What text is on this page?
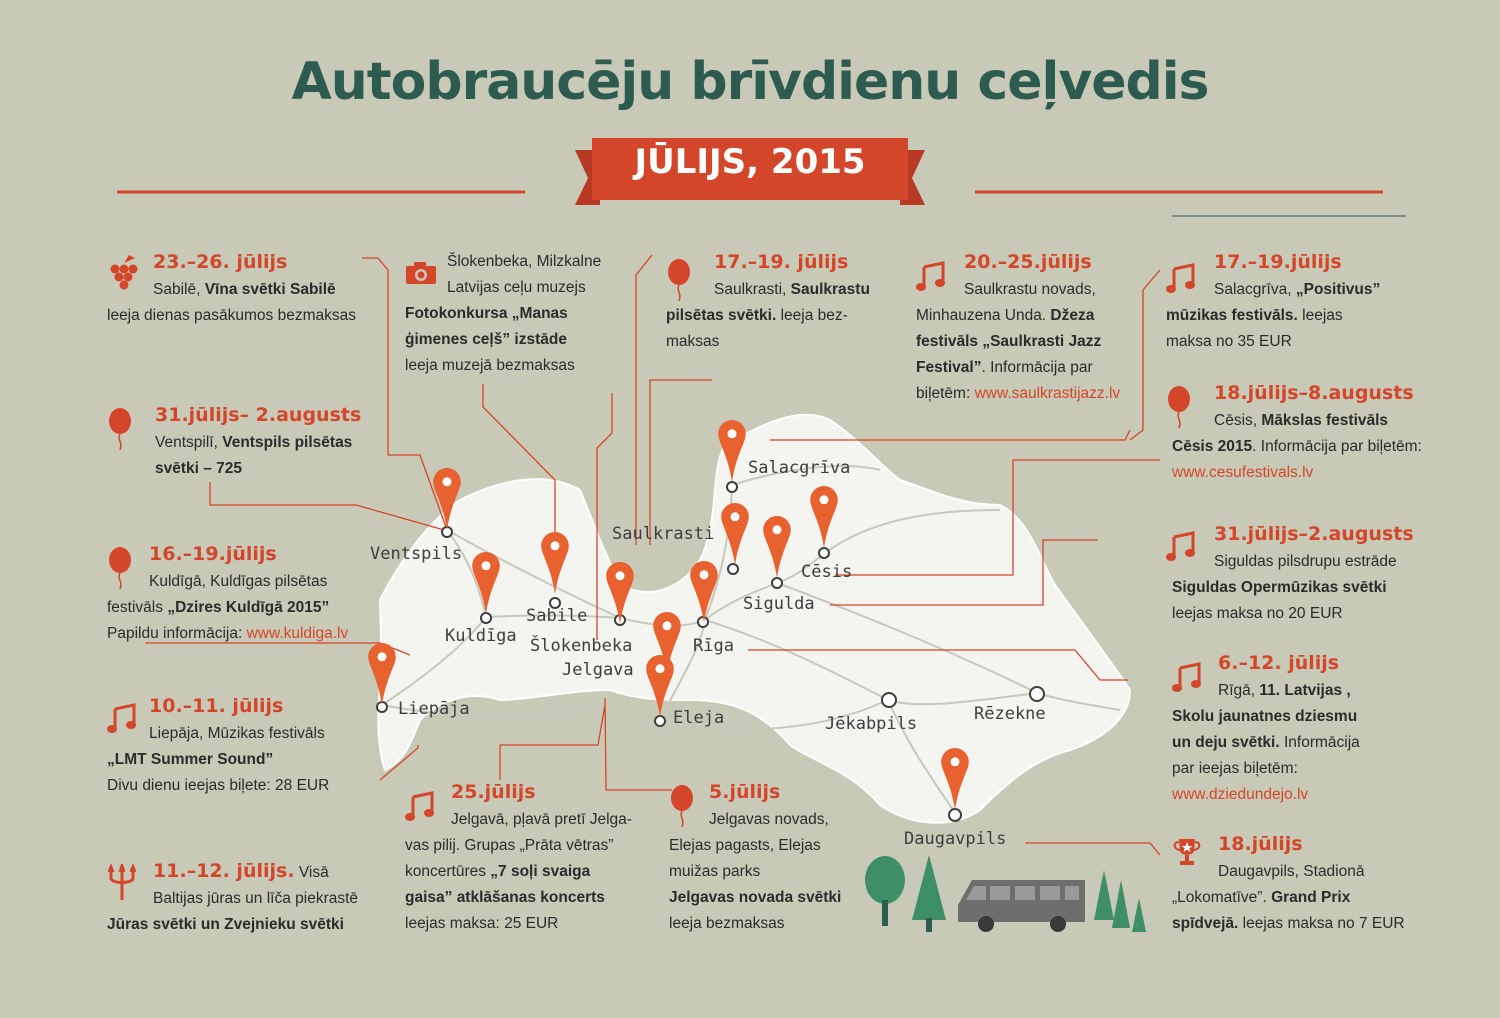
Autobraucēju brīvdienu ceļvedis
JŪLIJS, 2015
Ventspils
Kuldīga
Sabile
Šlokenbeka
Jelgava
Liepāja
Saulkrasti
Salacgrīva
Cēsis
Sigulda
Rīga
Eleja	Jēkabpils	Rēzekne
Daugavpils
23.–26. jūlijs
Sabilē, Vīna svētki Sabilē
leeja dienas pasākumos bezmaksas
Šlokenbeka, Milzkalne
Latvijas ceļu muzejs
Fotokonkursa „Manas
ģimenes ceļš” izstāde
leeja muzejā bezmaksas
17.–19. jūlijs
Saulkrasti, Saulkrastu
pilsētas svētki. leeja bez-
maksas
20.–25.jūlijs
Saulkrastu novads,
Minhauzena Unda. Džeza
festivāls „Saulkrasti Jazz
Festival”. Informācija par
biļetēm: www.saulkrastijazz.lv
17.–19.jūlijs
Salacgrīva, „Positivus”
mūzikas festivāls. leejas
maksa no 35 EUR
31.jūlijs– 2.augusts
Ventspilī, Ventspils pilsētas
svētki – 725
18.jūlijs–8.augusts
Cēsis, Mākslas festivāls
Cēsis 2015. Informācija par biļetēm:
www.cesufestivals.lv
16.–19.jūlijs
Kuldīgā, Kuldīgas pilsētas
festivāls „Dzires Kuldīgā 2015”
Papildu informācija: www.kuldiga.lv
31.jūlijs–2.augusts
Siguldas pilsdrupu estrāde
Siguldas Opermūzikas svētki
leejas maksa no 20 EUR
6.–12. jūlijs
Rīgā, 11. Latvijas ,
Skolu jaunatnes dziesmu
un deju svētki. Informācija
par ieejas biļetēm:
www.dziedundejo.lv
10.–11. jūlijs
Liepāja, Mūzikas festivāls
„LMT Summer Sound”
Divu dienu ieejas biļete: 28 EUR	25.jūlijs
Jelgavā, pļavā pretī Jelga-
vas pilij. Grupas „Prāta vētras”
koncertūres „7 soļi svaiga
gaisa” atklāšanas koncerts
leejas maksa: 25 EUR
5.jūlijs
Jelgavas novads,
Elejas pagasts, Elejas
muižas parks
Jelgavas novada svētki
leeja bezmaksas
11.–12. jūlijs. Visā
Baltijas jūras un līča piekrastē
Jūras svētki un Zvejnieku svētki
18.jūlijs
Daugavpils, Stadionā
„Lokomatīve”. Grand Prix
spīdvejā. leejas maksa no 7 EUR
